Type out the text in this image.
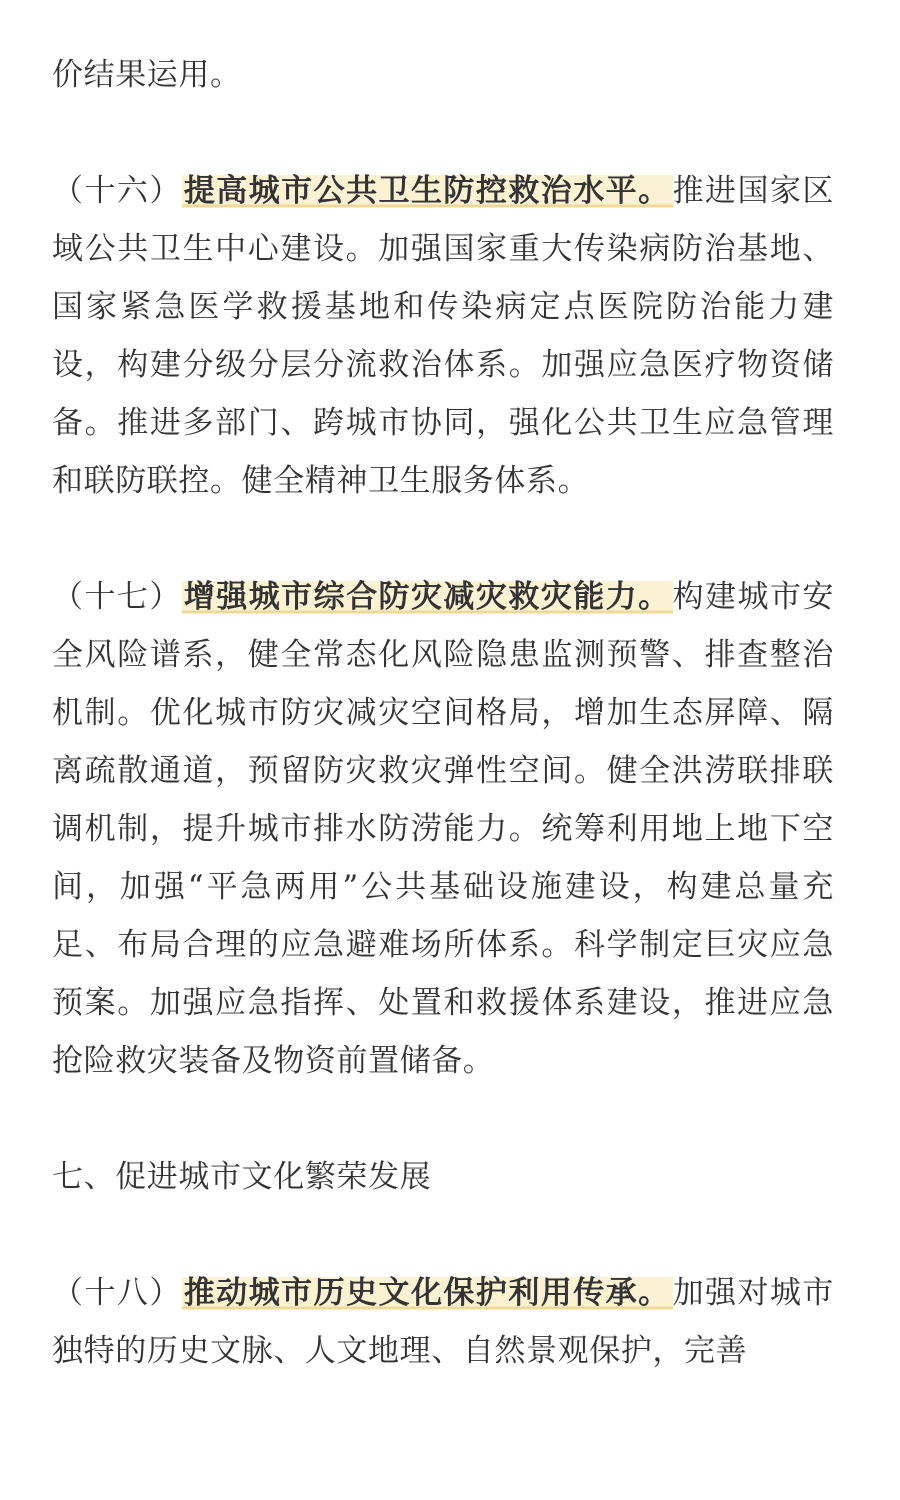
价结果运用。

（十六）提高城市公共卫生防控救治水平。推进国家区域公共卫生中心建设。加强国家重大传染病防治基地、国家紧急医学救援基地和传染病定点医院防治能力建设，构建分级分层分流救治体系。加强应急医疗物资储备。推进多部门、跨城市协同，强化公共卫生应急管理和联防联控。健全精神卫生服务体系。

（十七）增强城市综合防灾减灾救灾能力。构建城市安全风险谱系，健全常态化风险隐患监测预警、排查整治机制。优化城市防灾减灾空间格局，增加生态屏障、隔离疏散通道，预留防灾救灾弹性空间。健全洪涝联排联调机制，提升城市排水防涝能力。统筹利用地上地下空间，加强“平急两用”公共基础设施建设，构建总量充足、布局合理的应急避难场所体系。科学制定巨灾应急预案。加强应急指挥、处置和救援体系建设，推进应急抢险救灾装备及物资前置储备。

七、促进城市文化繁荣发展

（十八）推动城市历史文化保护利用传承。加强对城市独特的历史文脉、人文地理、自然景观保护，完善
